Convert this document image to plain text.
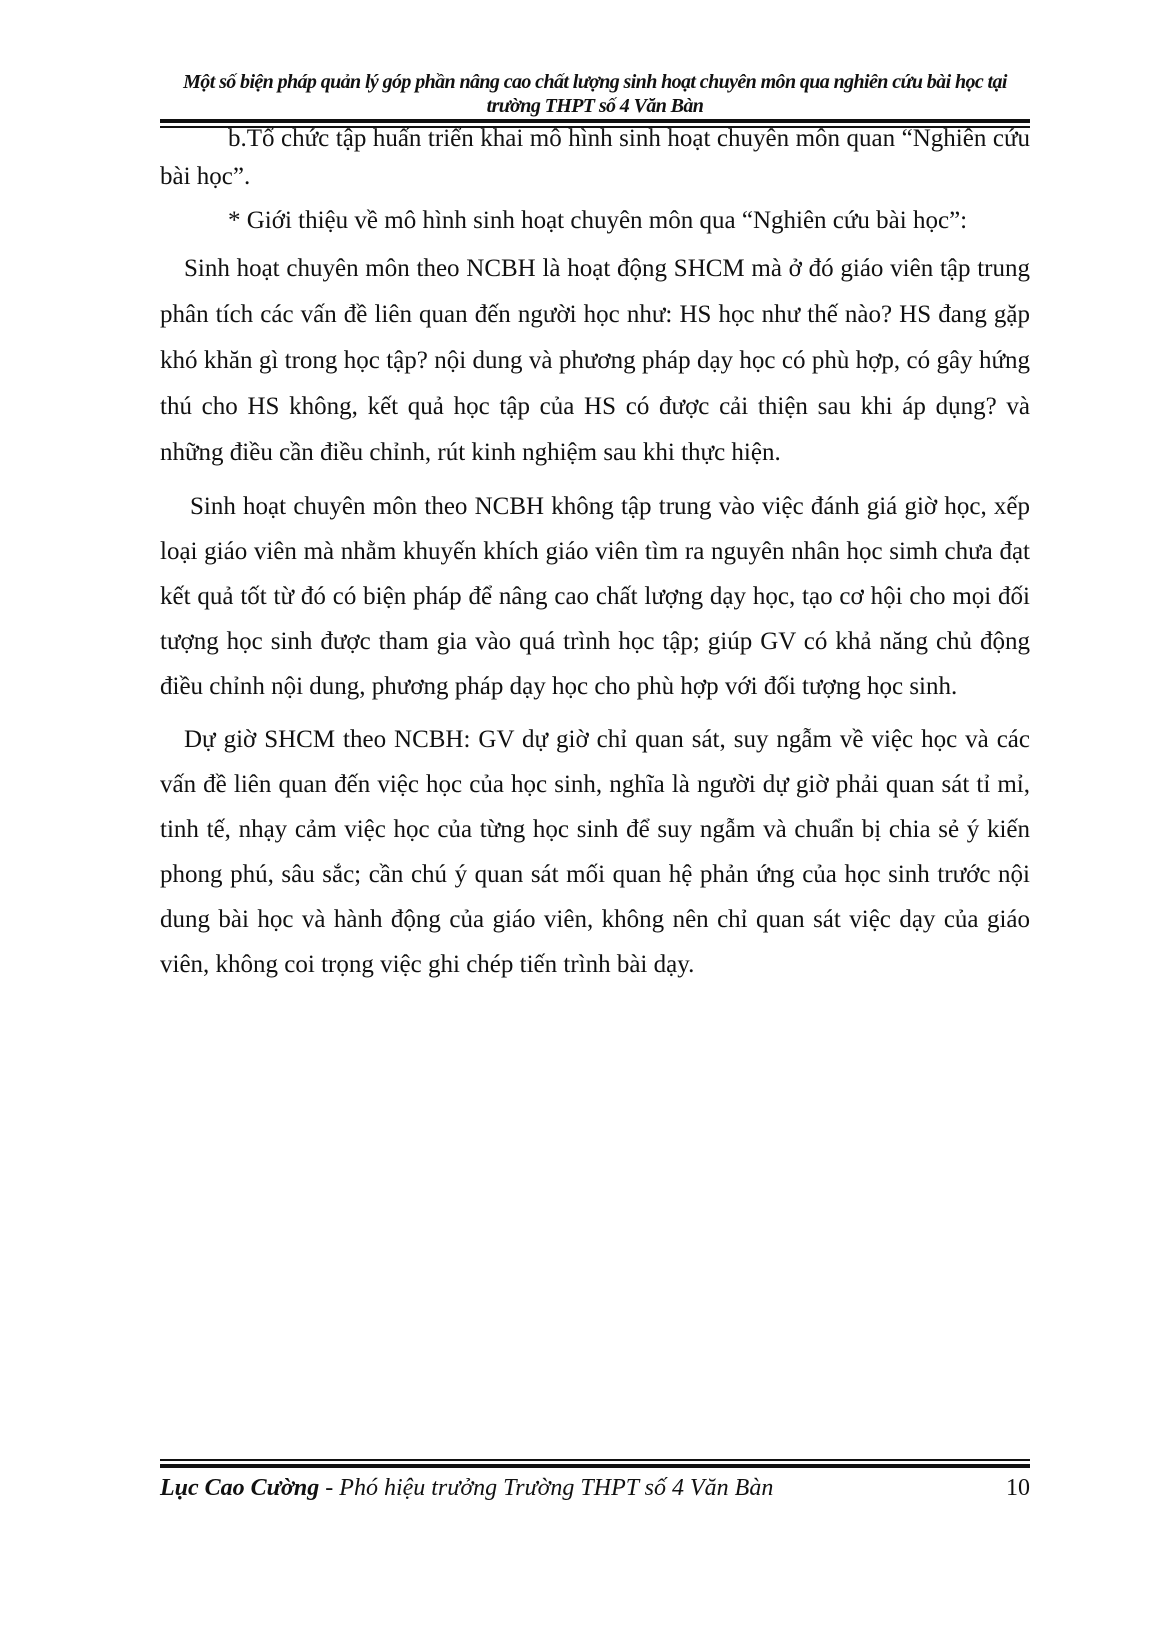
Một số biện pháp quản lý góp phần nâng cao chất lượng sinh hoạt chuyên môn qua nghiên cứu bài học tại
trường THPT số 4 Văn Bàn

b.Tổ chức tập huấn triển khai mô hình sinh hoạt chuyên môn quan “Nghiên cứu bài học”.

* Giới thiệu về mô hình sinh hoạt chuyên môn qua “Nghiên cứu bài học”:

Sinh hoạt chuyên môn theo NCBH là hoạt động SHCM mà ở đó giáo viên tập trung phân tích các vấn đề liên quan đến người học như: HS học như thế nào? HS đang gặp khó khăn gì trong học tập? nội dung và phương pháp dạy học có phù hợp, có gây hứng thú cho HS không, kết quả học tập của HS có được cải thiện sau khi áp dụng? và những điều cần điều chỉnh, rút kinh nghiệm sau khi thực hiện.

Sinh hoạt chuyên môn theo NCBH không tập trung vào việc đánh giá giờ học, xếp loại giáo viên mà nhằm khuyến khích giáo viên tìm ra nguyên nhân học simh chưa đạt kết quả tốt từ đó có biện pháp để nâng cao chất lượng dạy học, tạo cơ hội cho mọi đối tượng học sinh được tham gia vào quá trình học tập; giúp GV có khả năng chủ động điều chỉnh nội dung, phương pháp dạy học cho phù hợp với đối tượng học sinh.

Dự giờ SHCM theo NCBH: GV dự giờ chỉ quan sát, suy ngẫm về việc học và các vấn đề liên quan đến việc học của học sinh, nghĩa là người dự giờ phải quan sát tỉ mỉ, tinh tế, nhạy cảm việc học của từng học sinh để suy ngẫm và chuẩn bị chia sẻ ý kiến phong phú, sâu sắc; cần chú ý quan sát mối quan hệ phản ứng của học sinh trước nội dung bài học và hành động của giáo viên, không nên chỉ quan sát việc dạy của giáo viên, không coi trọng việc ghi chép tiến trình bài dạy.

Lục Cao Cường - Phó hiệu trưởng Trường THPT số 4 Văn Bàn	10
